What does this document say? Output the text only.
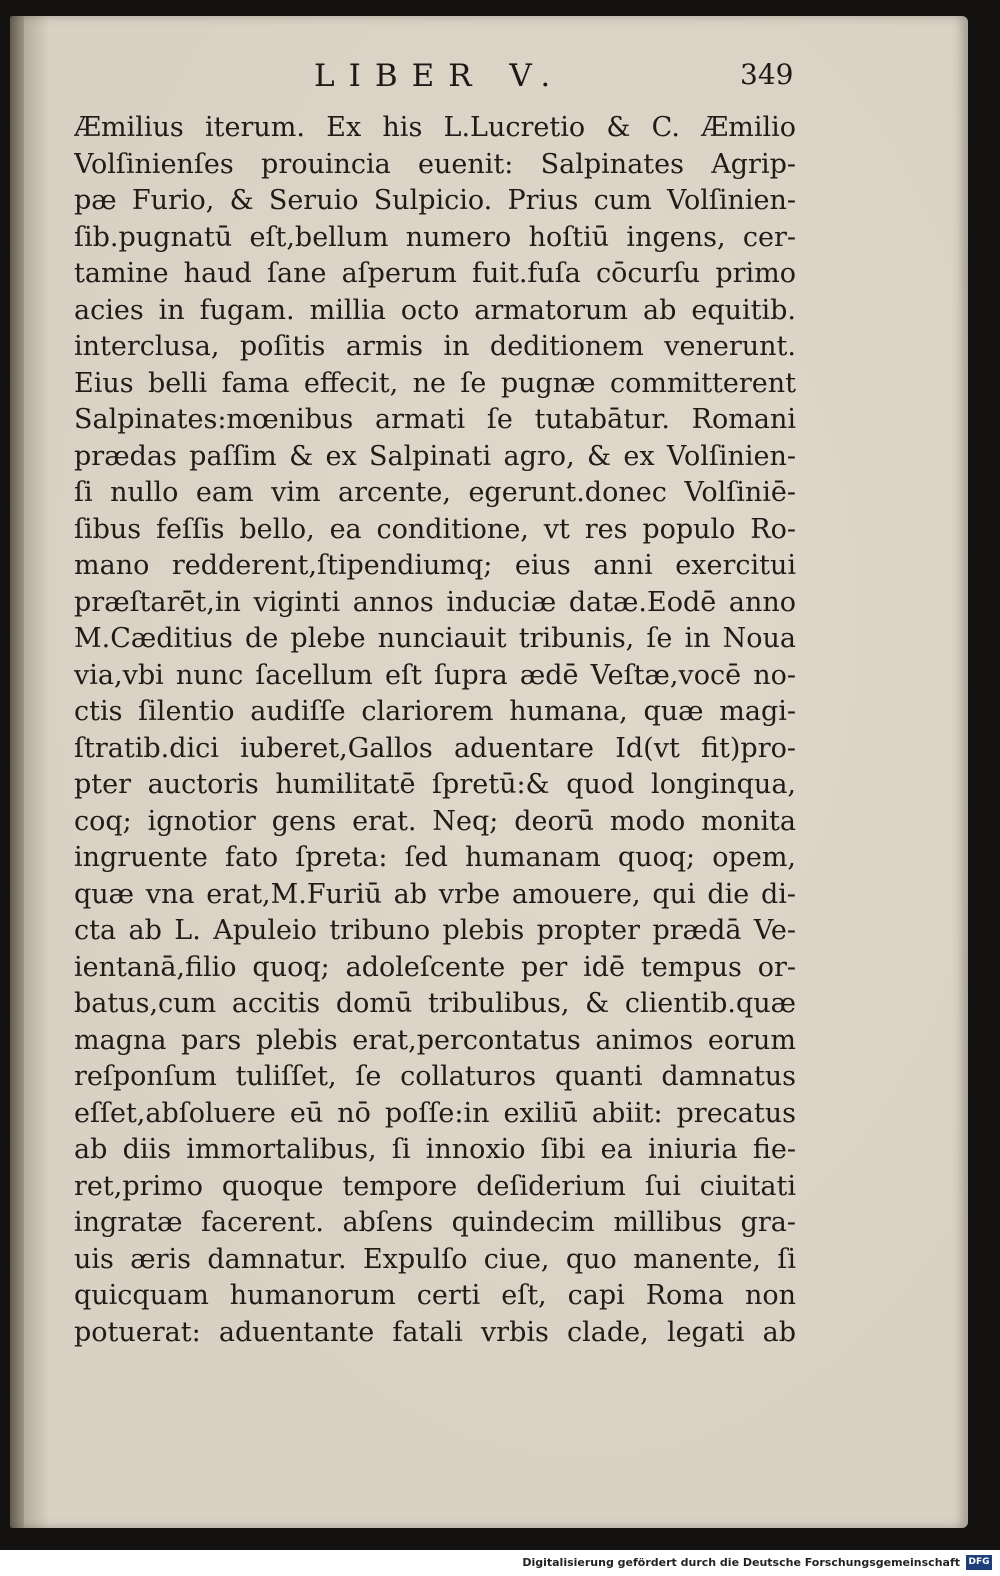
LIBER V.	349
Æmilius iterum. Ex his L.Lucretio & C. Æmilio
Volſinienſes prouincia euenit: Salpinates Agrip-
pæ Furio, & Seruio Sulpicio. Prius cum Volſinien-
ſib.pugnatū eſt,bellum numero hoſtiū ingens, cer-
tamine haud ſane aſperum fuit.fuſa cōcurſu primo
acies in fugam. millia octo armatorum ab equitib.
interclusa, poſitis armis in deditionem venerunt.
Eius belli fama effecit, ne ſe pugnæ committerent
Salpinates:mœnibus armati ſe tutabātur. Romani
prædas paſſim & ex Salpinati agro, & ex Volſinien-
ſi nullo eam vim arcente, egerunt.donec Volſiniē-
ſibus feſſis bello, ea conditione, vt res populo Ro-
mano redderent,ſtipendiumq; eius anni exercitui
præſtarēt,in viginti annos induciæ datæ.Eodē anno
M.Cæditius de plebe nunciauit tribunis, ſe in Noua
via,vbi nunc ſacellum eſt ſupra ædē Veſtæ,vocē no-
ctis ſilentio audiſſe clariorem humana, quæ magi-
ſtratib.dici iuberet,Gallos aduentare Id(vt fit)pro-
pter auctoris humilitatē ſpretū:& quod longinqua,
coq; ignotior gens erat. Neq; deorū modo monita
ingruente fato ſpreta: ſed humanam quoq; opem,
quæ vna erat,M.Furiū ab vrbe amouere, qui die di-
cta ab L. Apuleio tribuno plebis propter prædā Ve-
ientanā,filio quoq; adoleſcente per idē tempus or-
batus,cum accitis domū tribulibus, & clientib.quæ
magna pars plebis erat,percontatus animos eorum
reſponſum tuliſſet, ſe collaturos quanti damnatus
eſſet,abſoluere eū nō poſſe:in exiliū abiit: precatus
ab diis immortalibus, ſi innoxio ſibi ea iniuria fie-
ret,primo quoque tempore deſiderium ſui ciuitati
ingratæ facerent. abſens quindecim millibus gra-
uis æris damnatur. Expulſo ciue, quo manente, ſi
quicquam humanorum certi eſt, capi Roma non
potuerat: aduentante fatali vrbis clade, legati ab
Digitalisierung gefördert durch die Deutsche Forschungsgemeinschaft DFG
